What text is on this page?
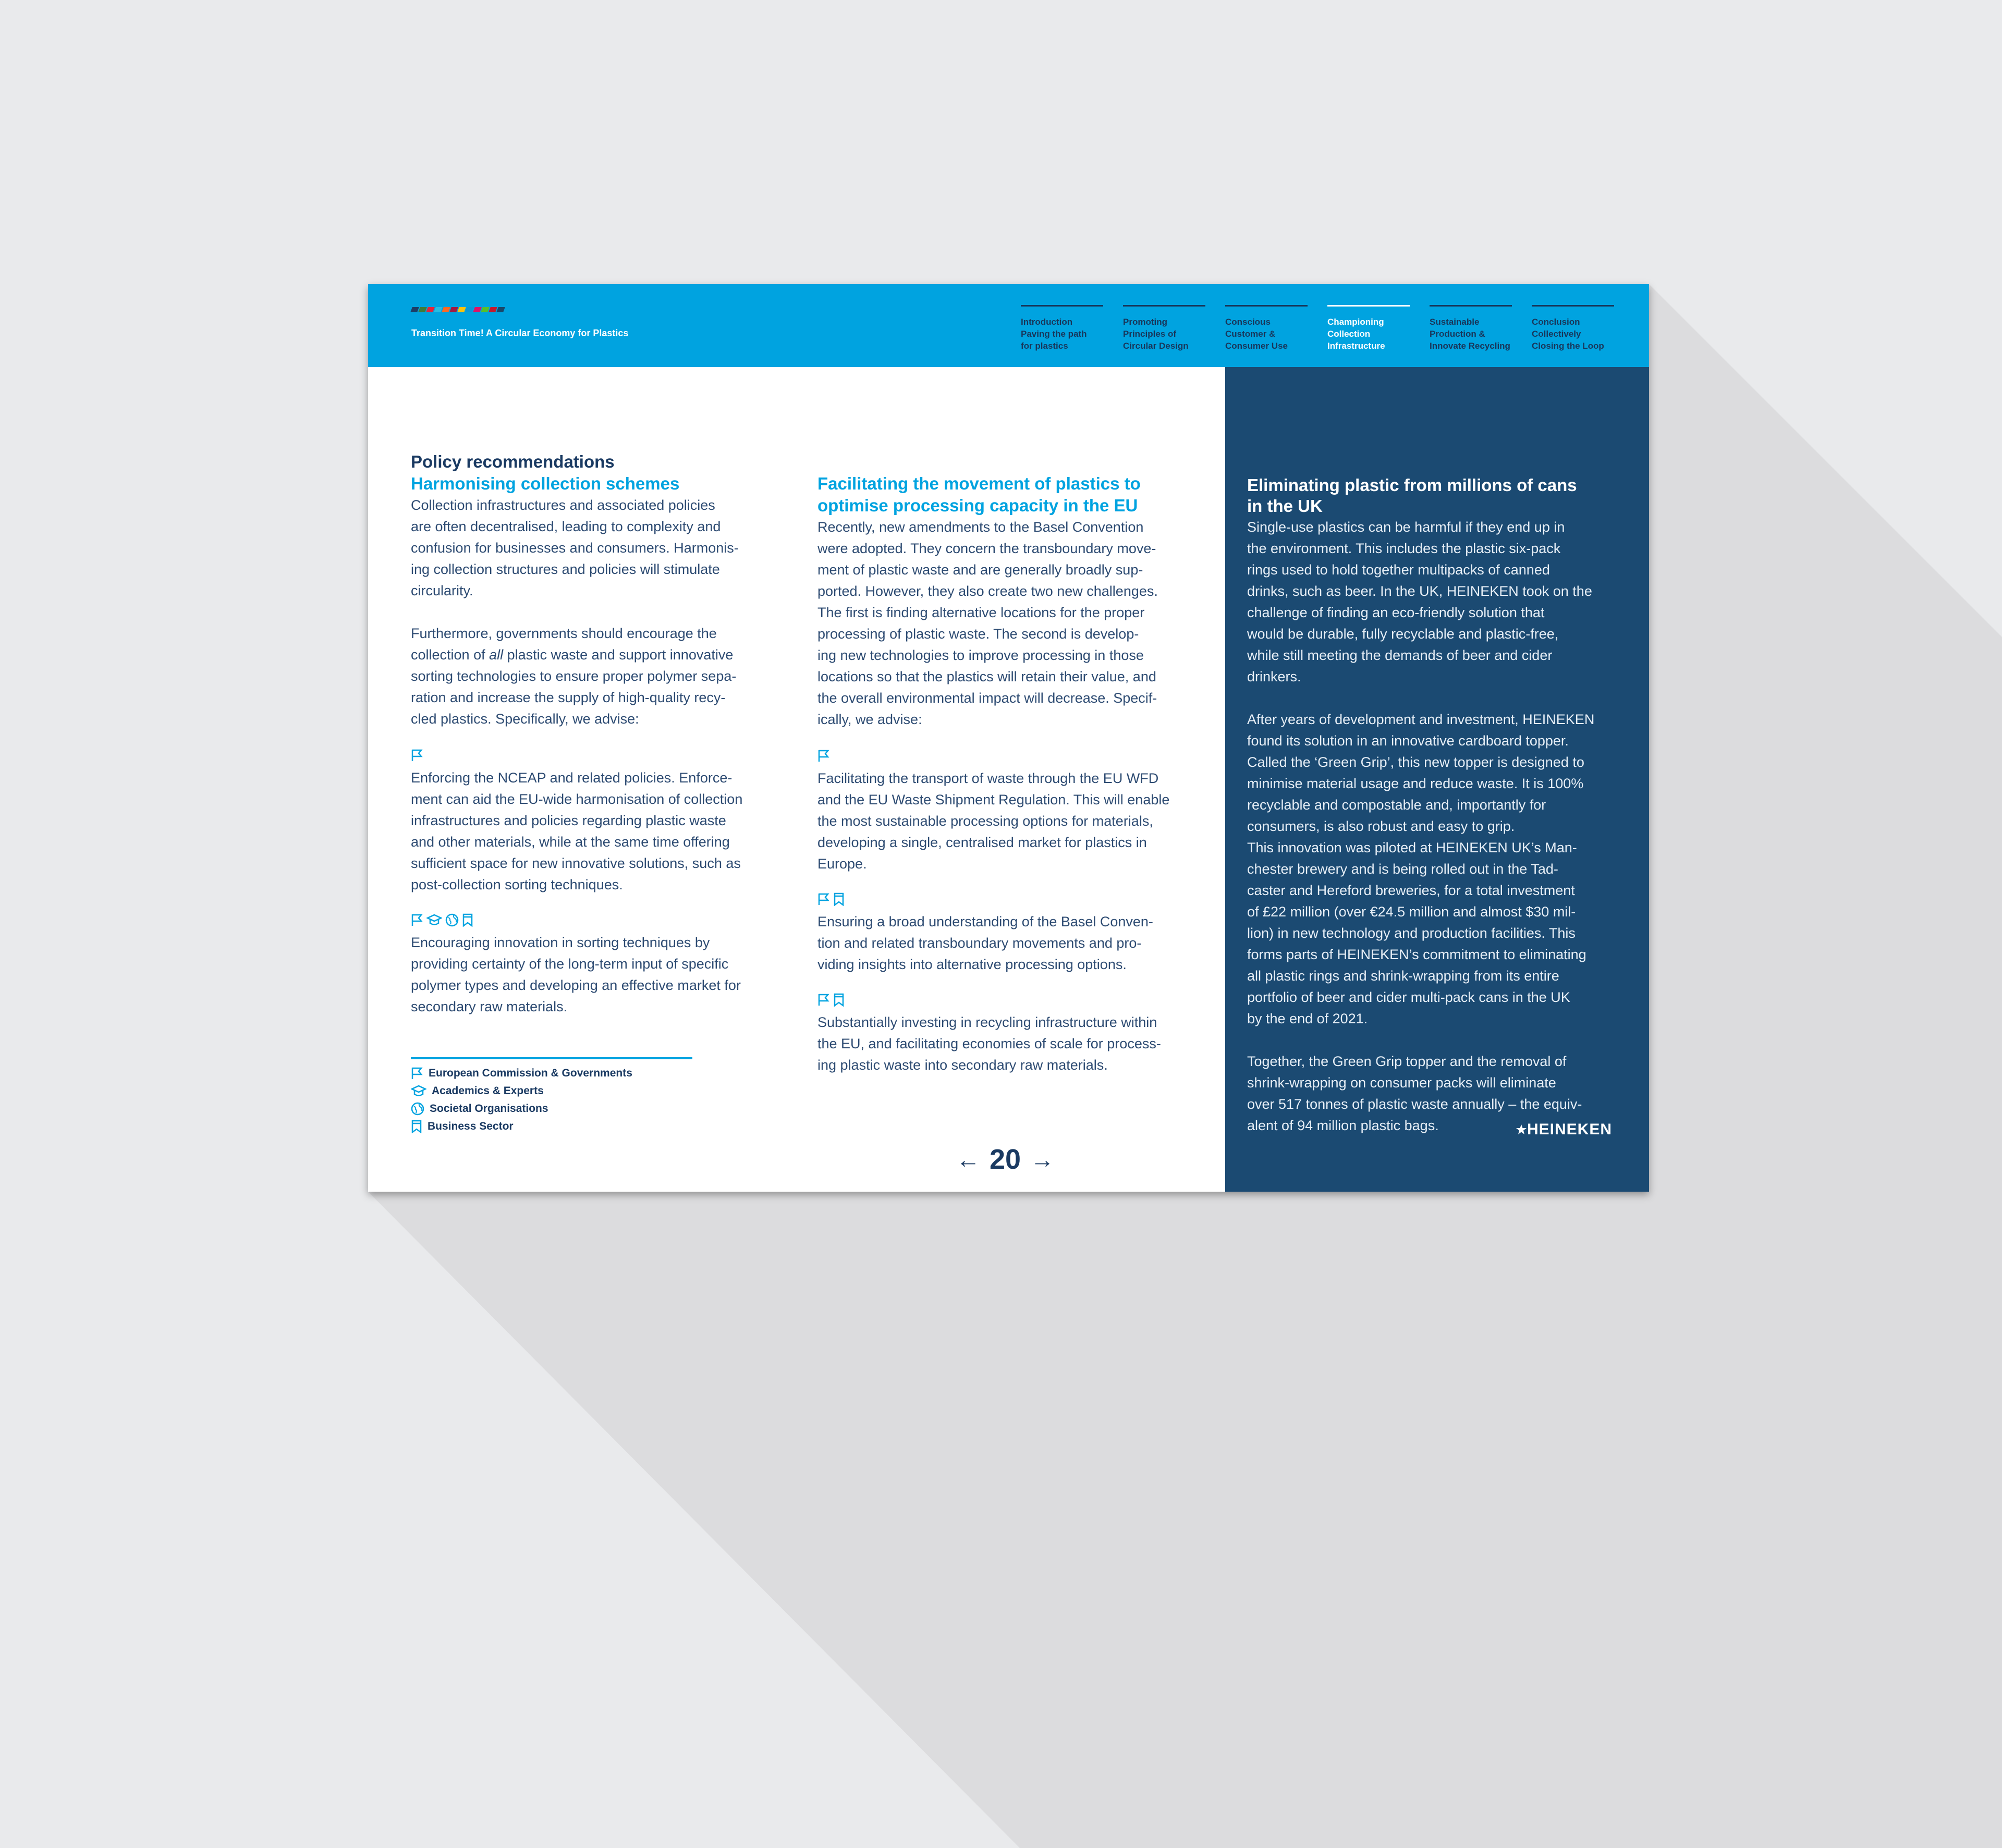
Transition Time! A Circular Economy for Plastics
Introduction
Paving the path
for plastics
Promoting
Principles of
Circular Design
Conscious
Customer &
Consumer Use
Championing
Collection
Infrastructure
Sustainable
Production &
Innovate Recycling
Conclusion
Collectively
Closing the Loop
Policy recommendations
Harmonising collection schemes

Collection infrastructures and associated policies

are often decentralised, leading to complexity and

confusion for businesses and consumers. Harmonis-

ing collection structures and policies will stimulate

circularity.

Furthermore, governments should encourage the

collection of all plastic waste and support innovative

sorting technologies to ensure proper polymer sepa-

ration and increase the supply of high-quality recy-

cled plastics. Specifically, we advise:

Enforcing the NCEAP and related policies. Enforce-

ment can aid the EU-wide harmonisation of collection

infrastructures and policies regarding plastic waste

and other materials, while at the same time offering

sufficient space for new innovative solutions, such as

post-collection sorting techniques.

Encouraging innovation in sorting techniques by

providing certainty of the long-term input of specific

polymer types and developing an effective market for

secondary raw materials.

European Commission & Governments
Academics & Experts
Societal Organisations
Business Sector
Facilitating the movement of plastics to
optimise processing capacity in the EU

Recently, new amendments to the Basel Convention

were adopted. They concern the transboundary move-

ment of plastic waste and are generally broadly sup-

ported. However, they also create two new challenges.

The first is finding alternative locations for the proper

processing of plastic waste. The second is develop-

ing new technologies to improve processing in those

locations so that the plastics will retain their value, and

the overall environmental impact will decrease. Specif-

ically, we advise:

Facilitating the transport of waste through the EU WFD

and the EU Waste Shipment Regulation. This will enable

the most sustainable processing options for materials,

developing a single, centralised market for plastics in

Europe.

Ensuring a broad understanding of the Basel Conven-

tion and related transboundary movements and pro-

viding insights into alternative processing options.

Substantially investing in recycling infrastructure within

the EU, and facilitating economies of scale for process-

ing plastic waste into secondary raw materials.

← 20 →
Eliminating plastic from millions of cans
in the UK

Single-use plastics can be harmful if they end up in

the environment. This includes the plastic six-pack

rings used to hold together multipacks of canned

drinks, such as beer. In the UK, HEINEKEN took on the

challenge of finding an eco-friendly solution that

would be durable, fully recyclable and plastic-free,

while still meeting the demands of beer and cider

drinkers.

After years of development and investment, HEINEKEN

found its solution in an innovative cardboard topper.

Called the ‘Green Grip’, this new topper is designed to

minimise material usage and reduce waste. It is 100%

recyclable and compostable and, importantly for

consumers, is also robust and easy to grip.

This innovation was piloted at HEINEKEN UK’s Man-

chester brewery and is being rolled out in the Tad-

caster and Hereford breweries, for a total investment

of £22 million (over €24.5 million and almost $30 mil-

lion) in new technology and production facilities. This

forms parts of HEINEKEN’s commitment to eliminating

all plastic rings and shrink-wrapping from its entire

portfolio of beer and cider multi-pack cans in the UK

by the end of 2021.

Together, the Green Grip topper and the removal of

shrink-wrapping on consumer packs will eliminate

over 517 tonnes of plastic waste annually – the equiv-

alent of 94 million plastic bags.	HEINEKEN
